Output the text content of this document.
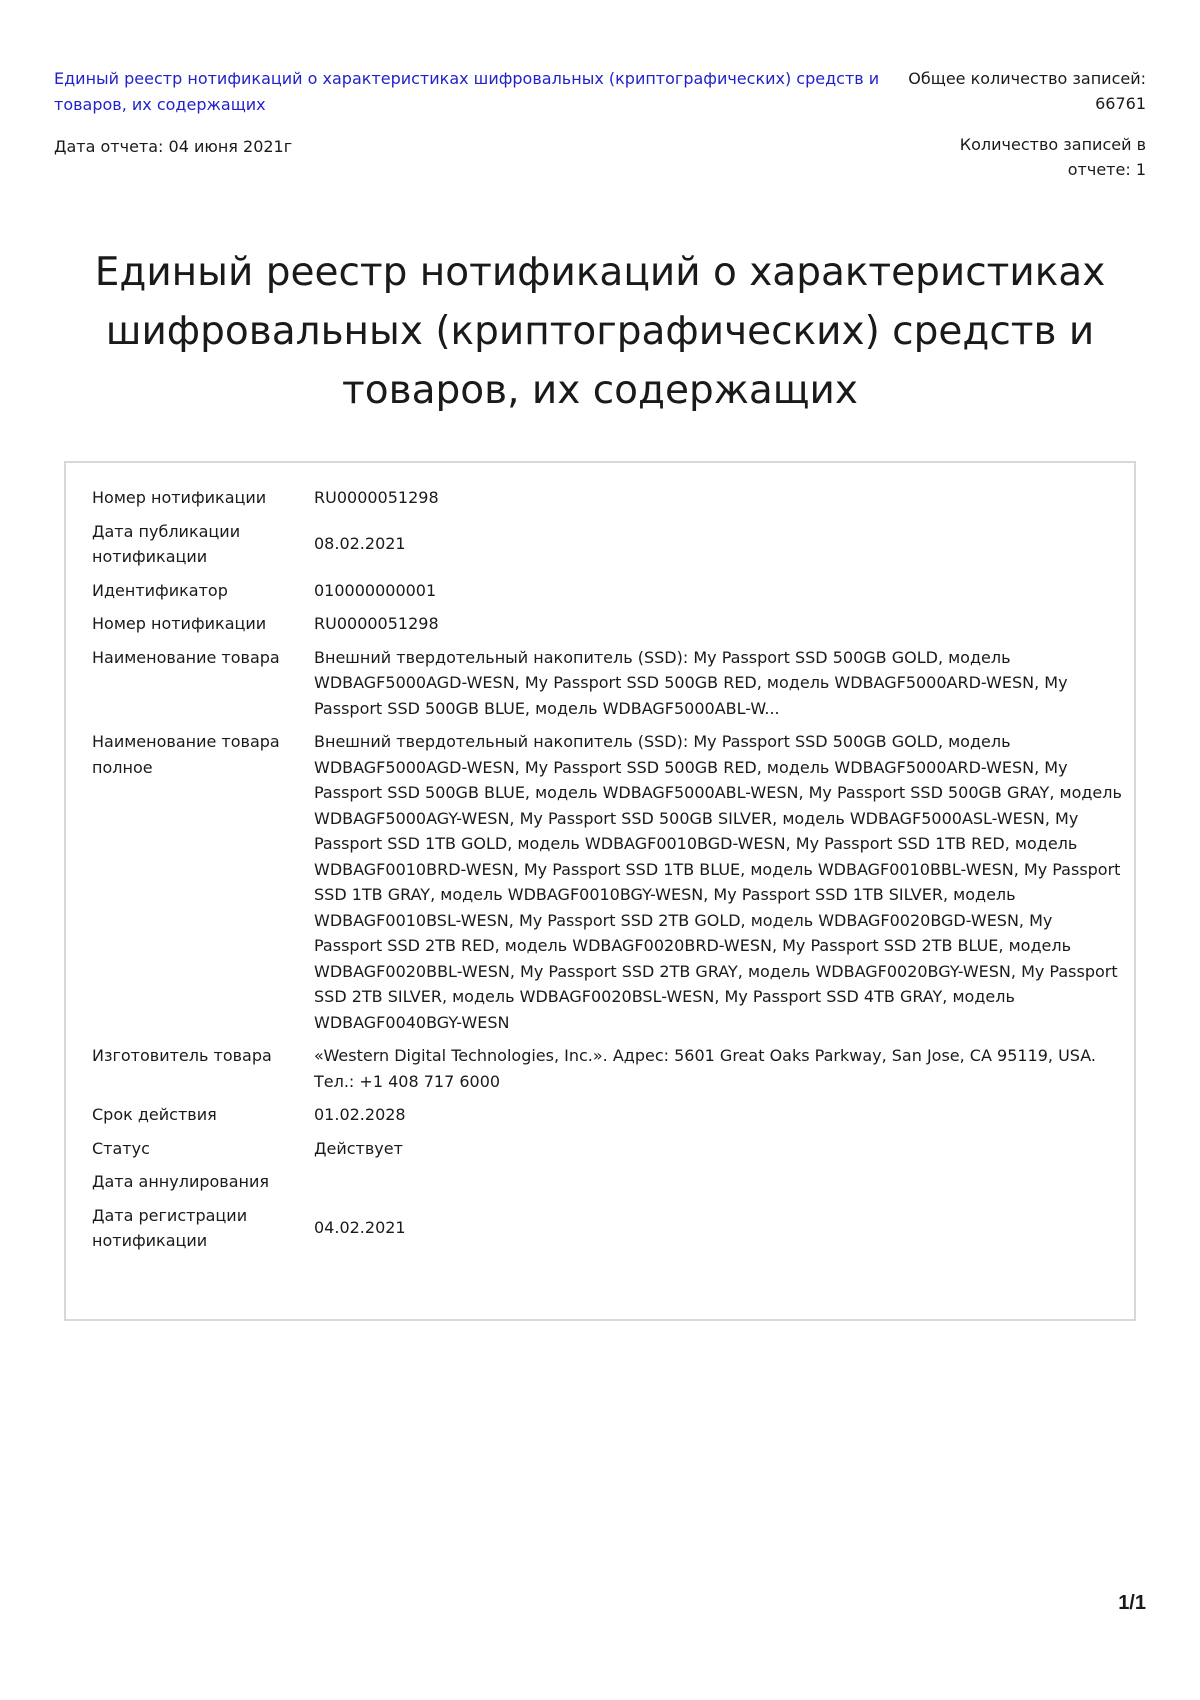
Единый реестр нотификаций о характеристиках шифровальных (криптографических) средств и товаров, их содержащих
Дата отчета: 04 июня 2021г
Общее количество записей:
66761
Количество записей в
отчете: 1
Единый реестр нотификаций о характеристиках
шифровальных (криптографических) средств и
товаров, их содержащих
Номер нотификации	RU0000051298
Дата публикации нотификации	08.02.2021
Идентификатор	010000000001
Номер нотификации	RU0000051298
Наименование товара	Внешний твердотельный накопитель (SSD): My Passport SSD 500GB GOLD, модель WDBAGF5000AGD-WESN, My Passport SSD 500GB RED, модель WDBAGF5000ARD-WESN, My Passport SSD 500GB BLUE, модель WDBAGF5000ABL-W...
Наименование товара полное	Внешний твердотельный накопитель (SSD): My Passport SSD 500GB GOLD, модель WDBAGF5000AGD-WESN, My Passport SSD 500GB RED, модель WDBAGF5000ARD-WESN, My Passport SSD 500GB BLUE, модель WDBAGF5000ABL-WESN, My Passport SSD 500GB GRAY, модель WDBAGF5000AGY-WESN, My Passport SSD 500GB SILVER, модель WDBAGF5000ASL-WESN, My Passport SSD 1TB GOLD, модель WDBAGF0010BGD-WESN, My Passport SSD 1TB RED, модель WDBAGF0010BRD-WESN, My Passport SSD 1TB BLUE, модель WDBAGF0010BBL-WESN, My Passport SSD 1TB GRAY, модель WDBAGF0010BGY-WESN, My Passport SSD 1TB SILVER, модель WDBAGF0010BSL-WESN, My Passport SSD 2TB GOLD, модель WDBAGF0020BGD-WESN, My Passport SSD 2TB RED, модель WDBAGF0020BRD-WESN, My Passport SSD 2TB BLUE, модель WDBAGF0020BBL-WESN, My Passport SSD 2TB GRAY, модель WDBAGF0020BGY-WESN, My Passport SSD 2TB SILVER, модель WDBAGF0020BSL-WESN, My Passport SSD 4TB GRAY, модель WDBAGF0040BGY-WESN
Изготовитель товара	«Western Digital Technologies, Inc.». Адрес: 5601 Great Oaks Parkway, San Jose, CA 95119, USA. Тел.: +1 408 717 6000
Срок действия	01.02.2028
Статус	Действует
Дата аннулирования	
Дата регистрации нотификации	04.02.2021
1/1
